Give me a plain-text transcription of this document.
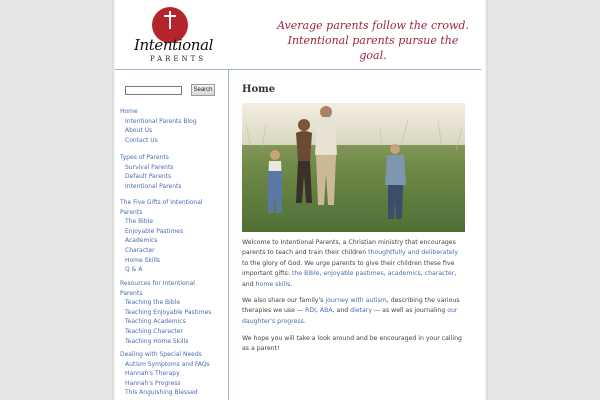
Intentional
PARENTS
Average parents follow the crowd.
Intentional parents pursue the goal.
Search
Home
Intentional Parents Blog
About Us
Contact Us
Types of Parents
Survival Parents
Default Parents
Intentional Parents
The Five Gifts of Intentional
Parents
The Bible
Enjoyable Pastimes
Academics
Character
Home Skills
Q & A
Resources for Intentional
Parents
Teaching the Bible
Teaching Enjoyable Pastimes
Teaching Academics
Teaching Character
Teaching Home Skills
Dealing with Special Needs
Autism Symptoms and FAQs
Hannah's Therapy
Hannah's Progress
This Anguishing Blessed
Home

Welcome to Intentional Parents, a Christian ministry that encourages parents to teach and train their children thoughtfully and deliberately to the glory of God. We urge parents to give their children these five important gifts: the Bible, enjoyable pastimes, academics, character, and home skills.

We also share our family's journey with autism, describing the various therapies we use — RDI, ABA, and dietary — as well as journaling our daughter's progress.

We hope you will take a look around and be encouraged in your calling as a parent!
